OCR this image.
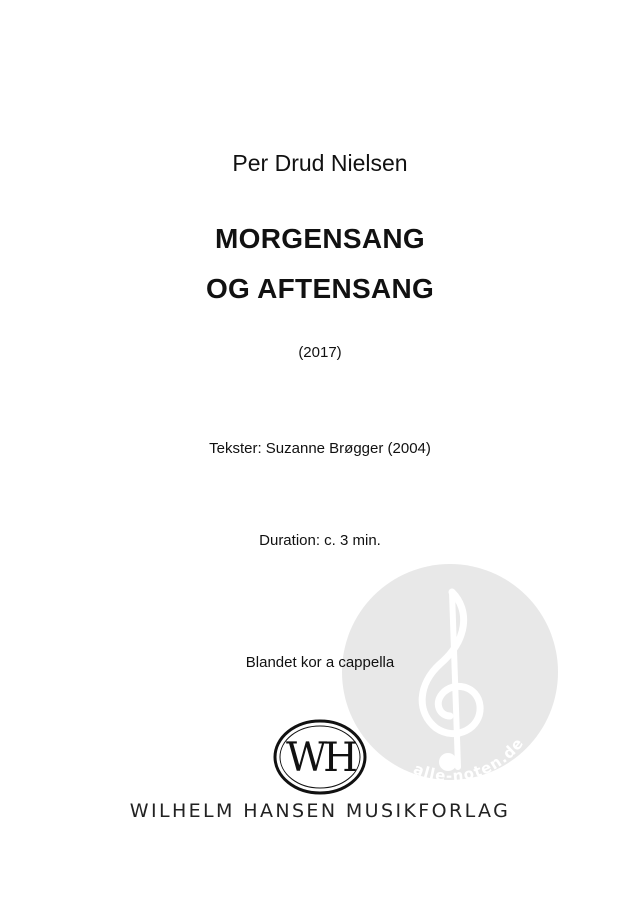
alle-noten.de
Per Drud Nielsen
MORGENSANG
OG AFTENSANG
(2017)
Tekster: Suzanne Brøgger (2004)
Duration: c. 3 min.
Blandet kor a cappella
WH
WILHELM HANSEN MUSIKFORLAG
